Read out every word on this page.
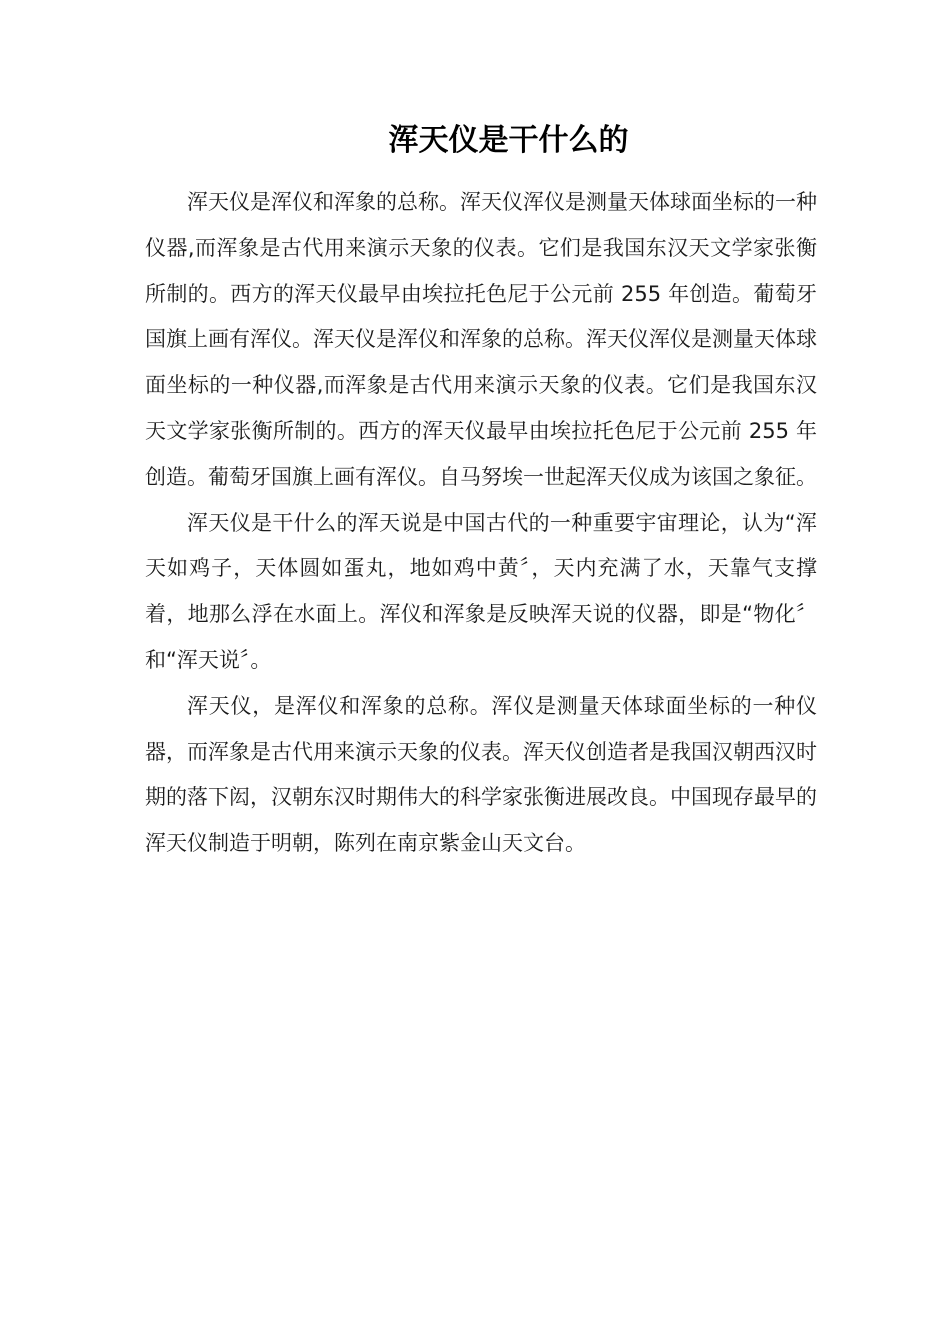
浑天仪是干什么的

浑天仪是浑仪和浑象的总称。浑天仪浑仪是测量天体球面坐标的一种仪器,而浑象是古代用来演示天象的仪表。它们是我国东汉天文学家张衡所制的。西方的浑天仪最早由埃拉托色尼于公元前 255 年创造。葡萄牙国旗上画有浑仪。浑天仪是浑仪和浑象的总称。浑天仪浑仪是测量天体球面坐标的一种仪器,而浑象是古代用来演示天象的仪表。它们是我国东汉天文学家张衡所制的。西方的浑天仪最早由埃拉托色尼于公元前 255 年创造。葡萄牙国旗上画有浑仪。自马努埃一世起浑天仪成为该国之象征。

浑天仪是干什么的浑天说是中国古代的一种重要宇宙理论，认为“浑天如鸡子，天体圆如蛋丸，地如鸡中黄〞，天内充满了水，天靠气支撑着，地那么浮在水面上。浑仪和浑象是反映浑天说的仪器，即是“物化〞和“浑天说〞。

浑天仪，是浑仪和浑象的总称。浑仪是测量天体球面坐标的一种仪器，而浑象是古代用来演示天象的仪表。浑天仪创造者是我国汉朝西汉时期的落下闳，汉朝东汉时期伟大的科学家张衡进展改良。中国现存最早的浑天仪制造于明朝，陈列在南京紫金山天文台。
